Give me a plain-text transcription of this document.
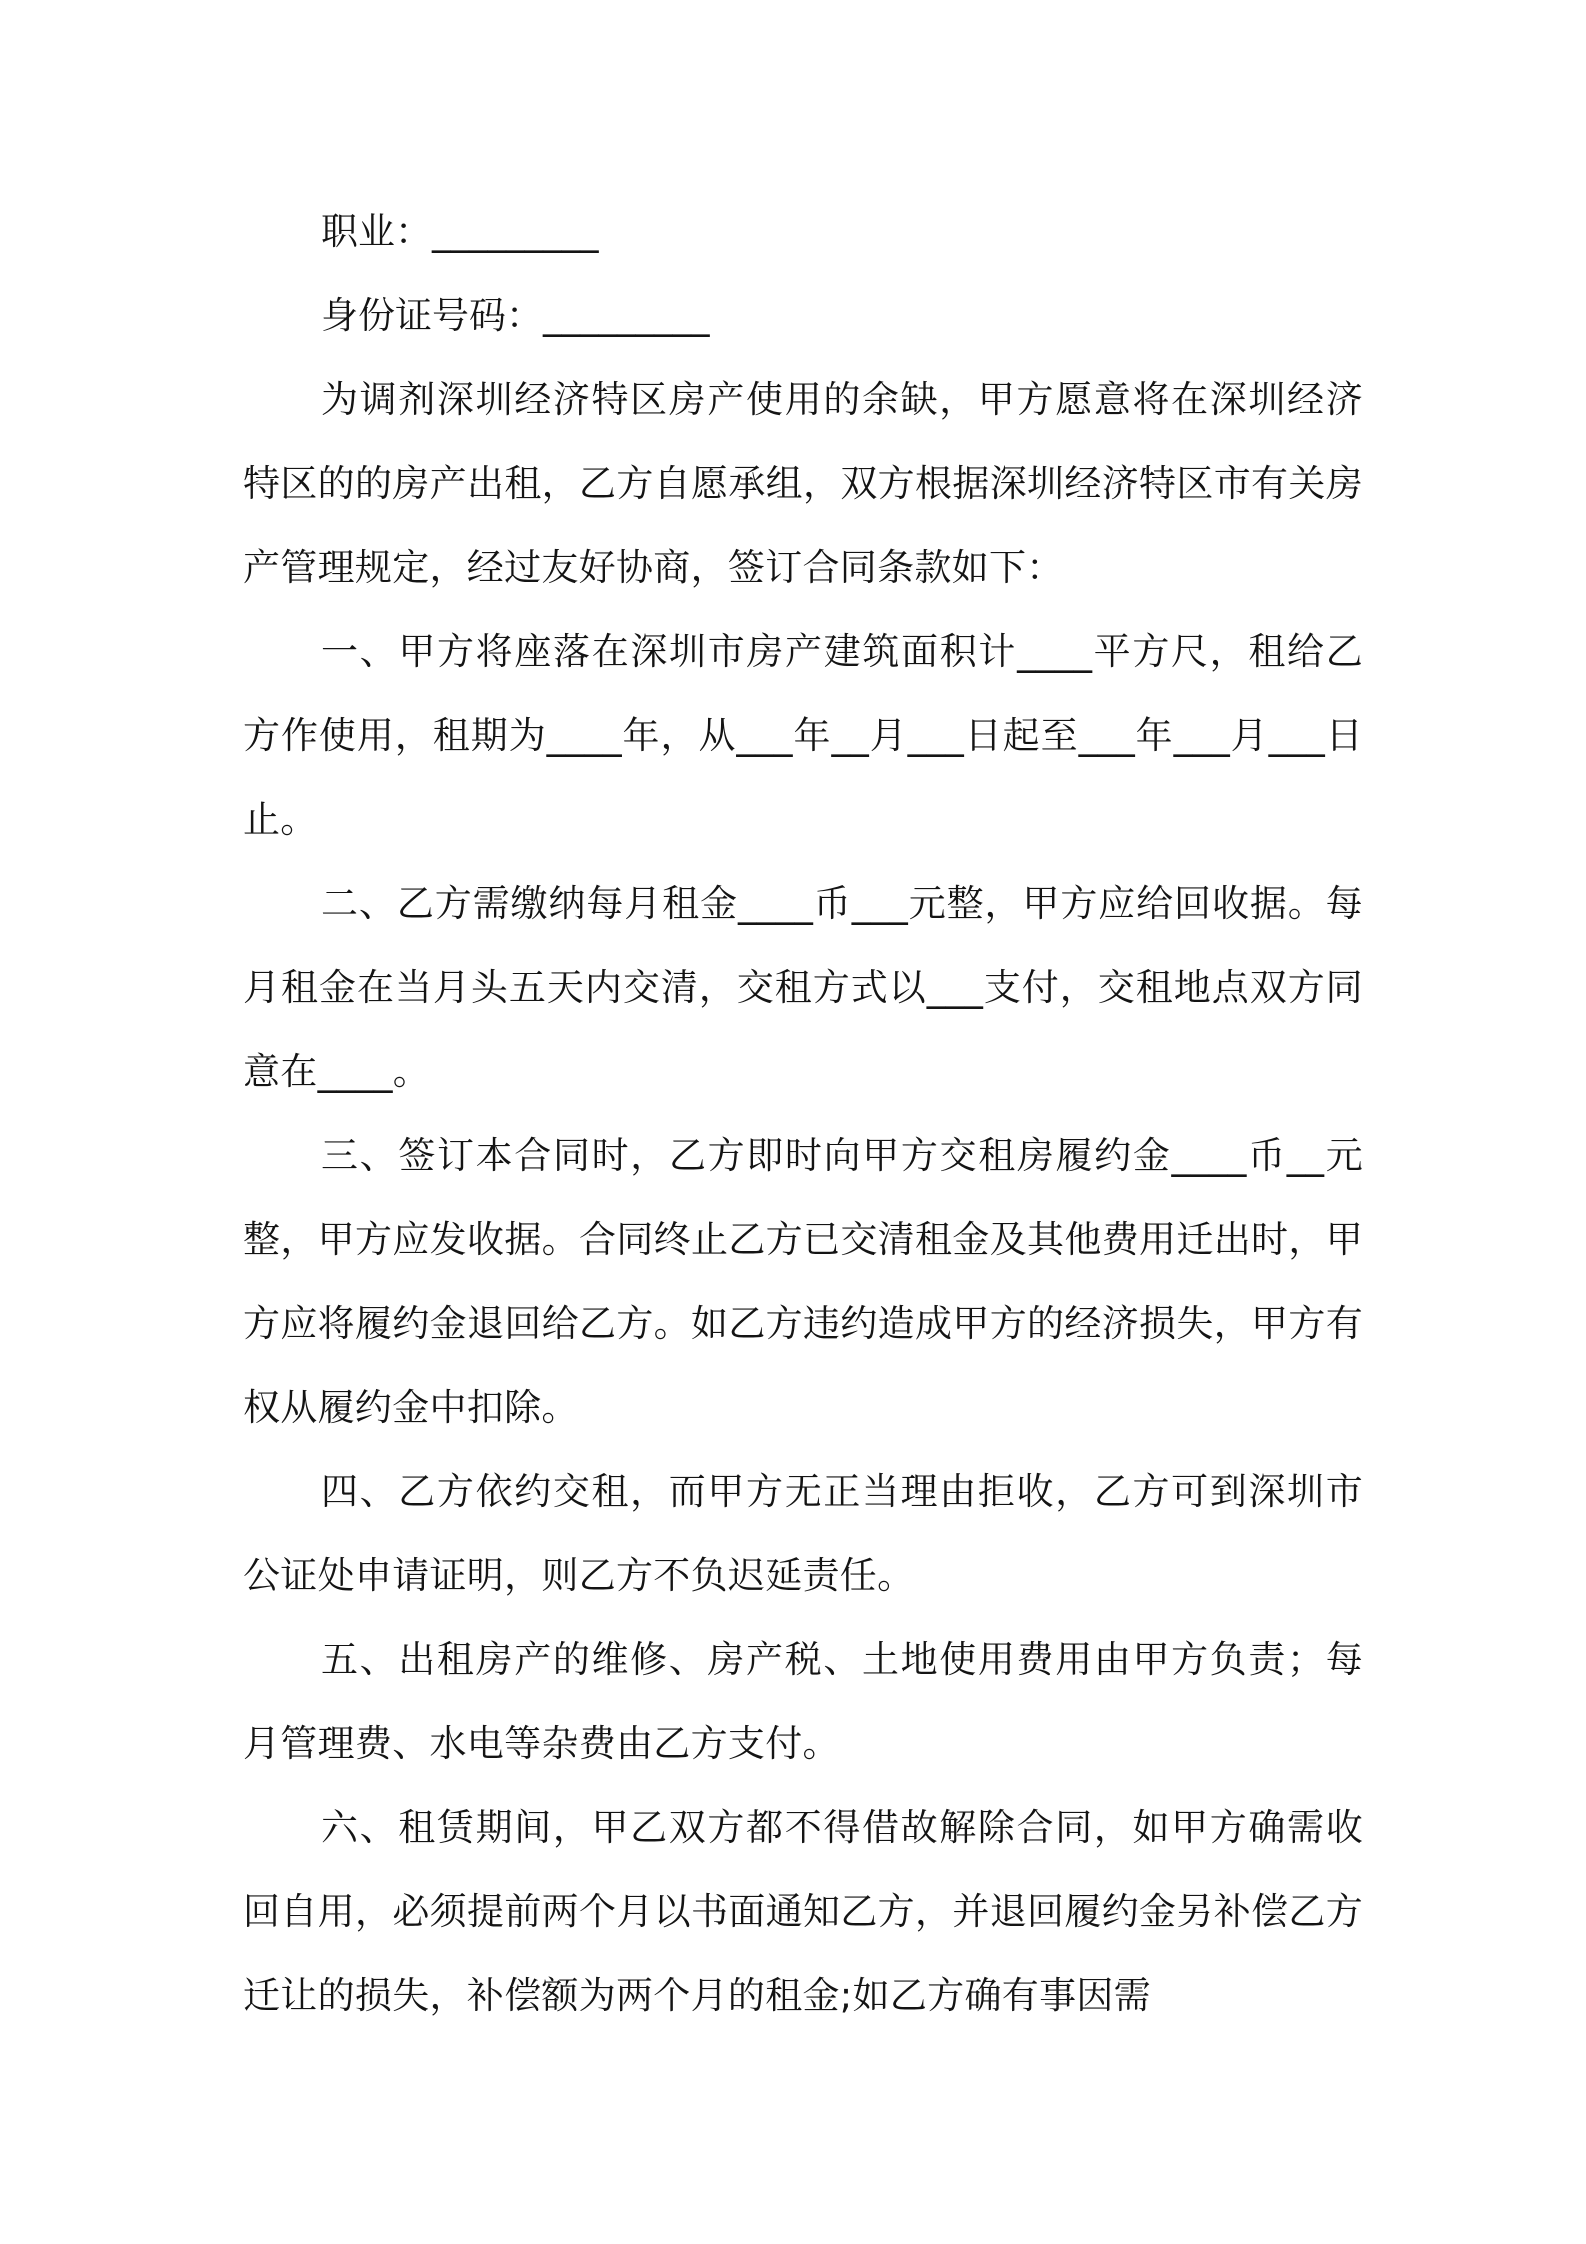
职业：_________
身份证号码：_________

为调剂深圳经济特区房产使用的余缺，甲方愿意将在深圳经济特区的的房产出租，乙方自愿承组，双方根据深圳经济特区市有关房产管理规定，经过友好协商，签订合同条款如下：

一、甲方将座落在深圳市房产建筑面积计____平方尺，租给乙方作使用，租期为____年，从___年__月___日起至___年___月___日止。

二、乙方需缴纳每月租金____币___元整，甲方应给回收据。每月租金在当月头五天内交清，交租方式以___支付，交租地点双方同意在____。

三、签订本合同时，乙方即时向甲方交租房履约金____币__元整，甲方应发收据。合同终止乙方已交清租金及其他费用迁出时，甲方应将履约金退回给乙方。如乙方违约造成甲方的经济损失，甲方有权从履约金中扣除。

四、乙方依约交租，而甲方无正当理由拒收，乙方可到深圳市公证处申请证明，则乙方不负迟延责任。

五、出租房产的维修、房产税、土地使用费用由甲方负责；每月管理费、水电等杂费由乙方支付。

六、租赁期间，甲乙双方都不得借故解除合同，如甲方确需收回自用，必须提前两个月以书面通知乙方，并退回履约金另补偿乙方迁让的损失，补偿额为两个月的租金;如乙方确有事因需
